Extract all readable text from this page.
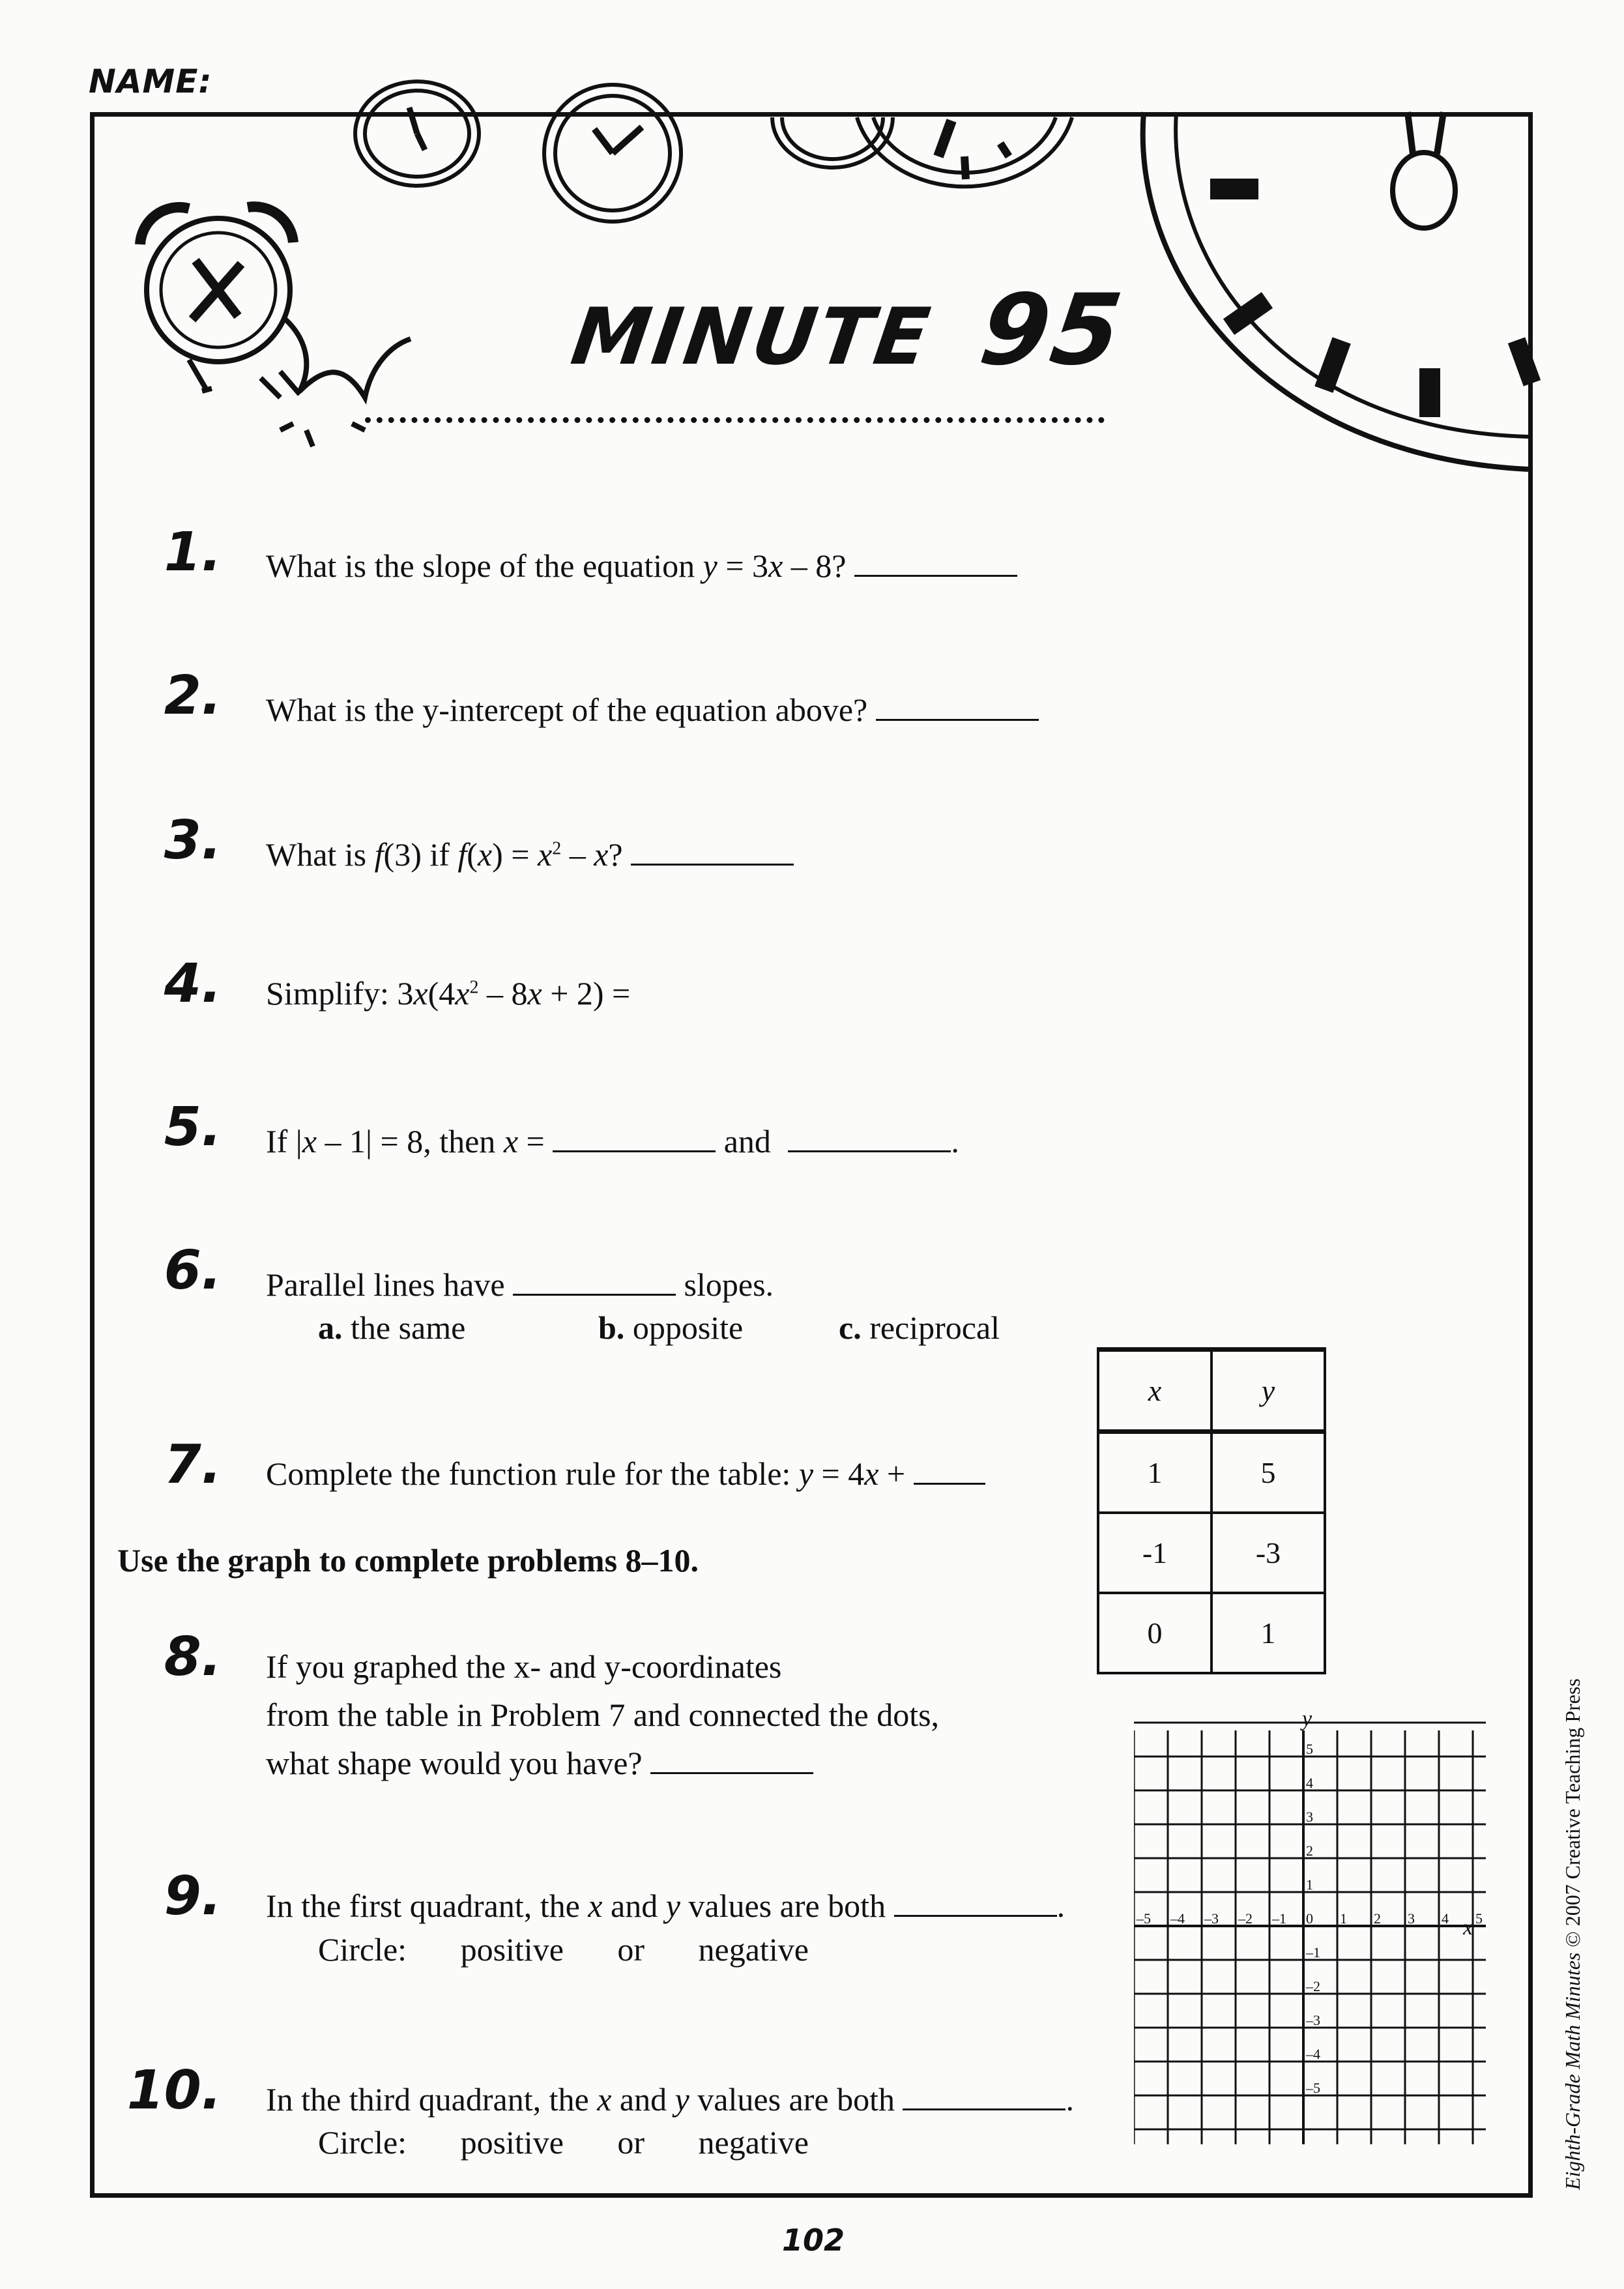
NAME:
MINUTE 95
1. What is the slope of the equation y = 3x – 8?
2. What is the y-intercept of the equation above?
3. What is f(3) if $f(x) = x^2 - x$?
4. Simplify: $3x(4x^2 - 8x + 2)$ =
5. If |x – 1| = 8, then x =	and	.
6. Parallel lines have	slopes.
a. the same	b. opposite	c. reciprocal
7. Complete the function rule for the table: y = 4x +
x	y
1	5
-1	-3
0	1
Use the graph to complete problems 8–10.
8. If you graphed the x- and y-coordinates
from the table in Problem 7 and connected the dots,
what shape would you have?
9. In the first quadrant, the x and y values are both	.
Circle: positive or negative
10. In the third quadrant, the x and y values are both	.
Circle: positive or negative
–5 –4 –3 –2 –1 0 1 2 3 4 5
5
4
3
2
1
–1
–2
–3
–4
–5
y
x
102
Eighth-Grade Math Minutes © 2007 Creative Teaching Press
